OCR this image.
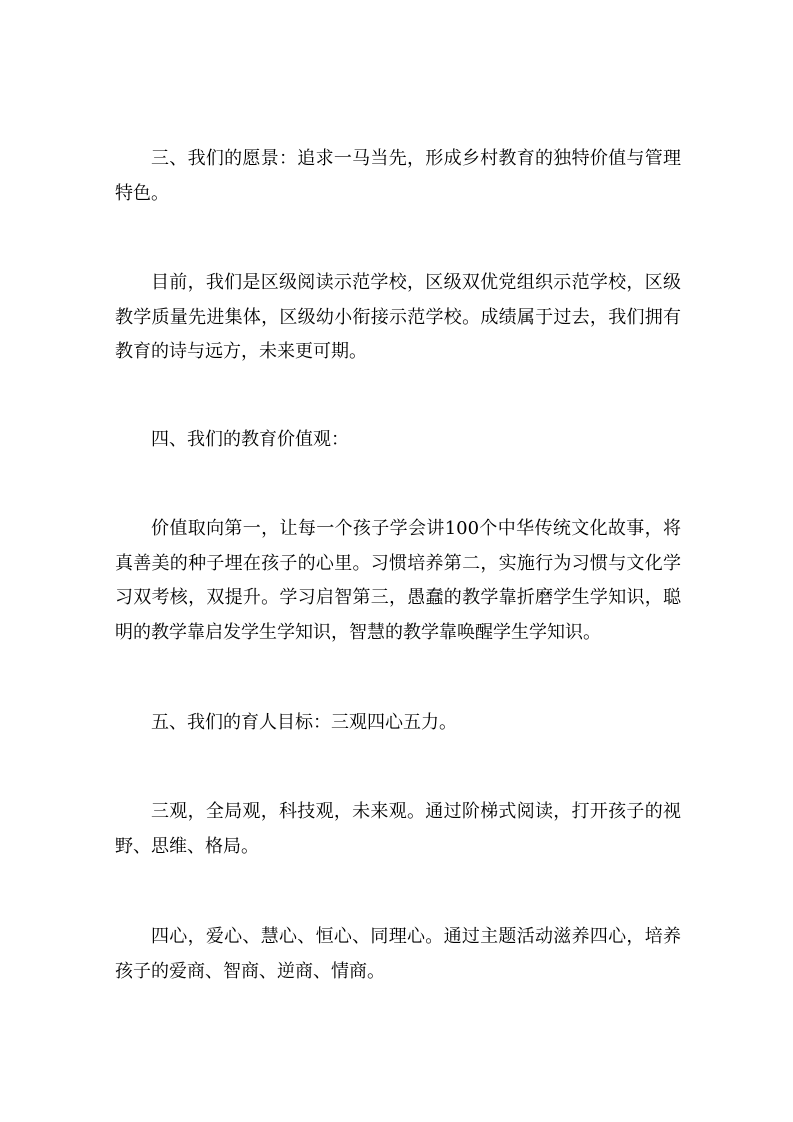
三、我们的愿景：追求一马当先，形成乡村教育的独特价值与管理特色。

目前，我们是区级阅读示范学校，区级双优党组织示范学校，区级教学质量先进集体，区级幼小衔接示范学校。成绩属于过去，我们拥有教育的诗与远方，未来更可期。

四、我们的教育价值观：

价值取向第一，让每一个孩子学会讲100个中华传统文化故事，将真善美的种子埋在孩子的心里。习惯培养第二，实施行为习惯与文化学习双考核，双提升。学习启智第三，愚蠢的教学靠折磨学生学知识，聪明的教学靠启发学生学知识，智慧的教学靠唤醒学生学知识。

五、我们的育人目标：三观四心五力。

三观，全局观，科技观，未来观。通过阶梯式阅读，打开孩子的视野、思维、格局。

四心，爱心、慧心、恒心、同理心。通过主题活动滋养四心，培养孩子的爱商、智商、逆商、情商。
